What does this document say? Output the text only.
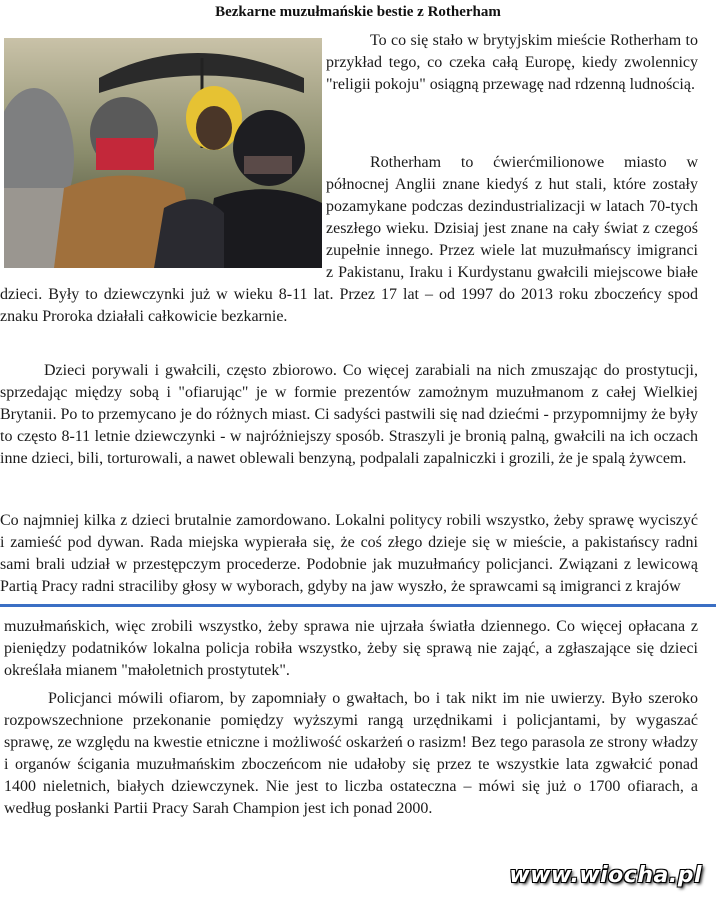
Bezkarne muzułmańskie bestie z Rotherham

To co się stało w brytyjskim mieście Rotherham to przykład tego, co czeka całą Europę, kiedy zwolennicy "religii pokoju" osiągną przewagę nad rdzenną ludnością.

Rotherham to ćwierćmilionowe miasto w północnej Anglii znane kiedyś z hut stali, które zostały pozamykane podczas dezindustrializacji w latach 70-tych zeszłego wieku. Dzisiaj jest znane na cały świat z czegoś zupełnie innego. Przez wiele lat muzułmańscy imigranci z Pakistanu, Iraku i Kurdystanu gwałcili miejscowe białe dzieci. Były to dziewczynki już w wieku 8-11 lat. Przez 17 lat – od 1997 do 2013 roku zboczeńcy spod znaku Proroka działali całkowicie bezkarnie.

Dzieci porywali i gwałcili, często zbiorowo. Co więcej zarabiali na nich zmuszając do prostytucji, sprzedając między sobą i "ofiarując" je w formie prezentów zamożnym muzułmanom z całej Wielkiej Brytanii. Po to przemycano je do różnych miast. Ci sadyści pastwili się nad dziećmi - przypomnijmy że były to często 8-11 letnie dziewczynki - w najróżniejszy sposób. Straszyli je bronią palną, gwałcili na ich oczach inne dzieci, bili, torturowali, a nawet oblewali benzyną, podpalali zapalniczki i grozili, że je spalą żywcem.

Co najmniej kilka z dzieci brutalnie zamordowano. Lokalni politycy robili wszystko, żeby sprawę wyciszyć i zamieść pod dywan. Rada miejska wypierała się, że coś złego dzieje się w mieście, a pakistańscy radni sami brali udział w przestępczym procederze. Podobnie jak muzułmańcy policjanci. Związani z lewicową Partią Pracy radni straciliby głosy w wyborach, gdyby na jaw wyszło, że sprawcami są imigranci z krajów

muzułmańskich, więc zrobili wszystko, żeby sprawa nie ujrzała światła dziennego. Co więcej opłacana z pieniędzy podatników lokalna policja robiła wszystko, żeby się sprawą nie zająć, a zgłaszające się dzieci określała mianem "małoletnich prostytutek".

Policjanci mówili ofiarom, by zapomniały o gwałtach, bo i tak nikt im nie uwierzy. Było szeroko rozpowszechnione przekonanie pomiędzy wyższymi rangą urzędnikami i policjantami, by wygaszać sprawę, ze względu na kwestie etniczne i możliwość oskarżeń o rasizm! Bez tego parasola ze strony władzy i organów ścigania muzułmańskim zboczeńcom nie udałoby się przez te wszystkie lata zgwałcić ponad 1400 nieletnich, białych dziewczynek. Nie jest to liczba ostateczna – mówi się już o 1700 ofiarach, a według posłanki Partii Pracy Sarah Champion jest ich ponad 2000.

www.wiocha.pl
